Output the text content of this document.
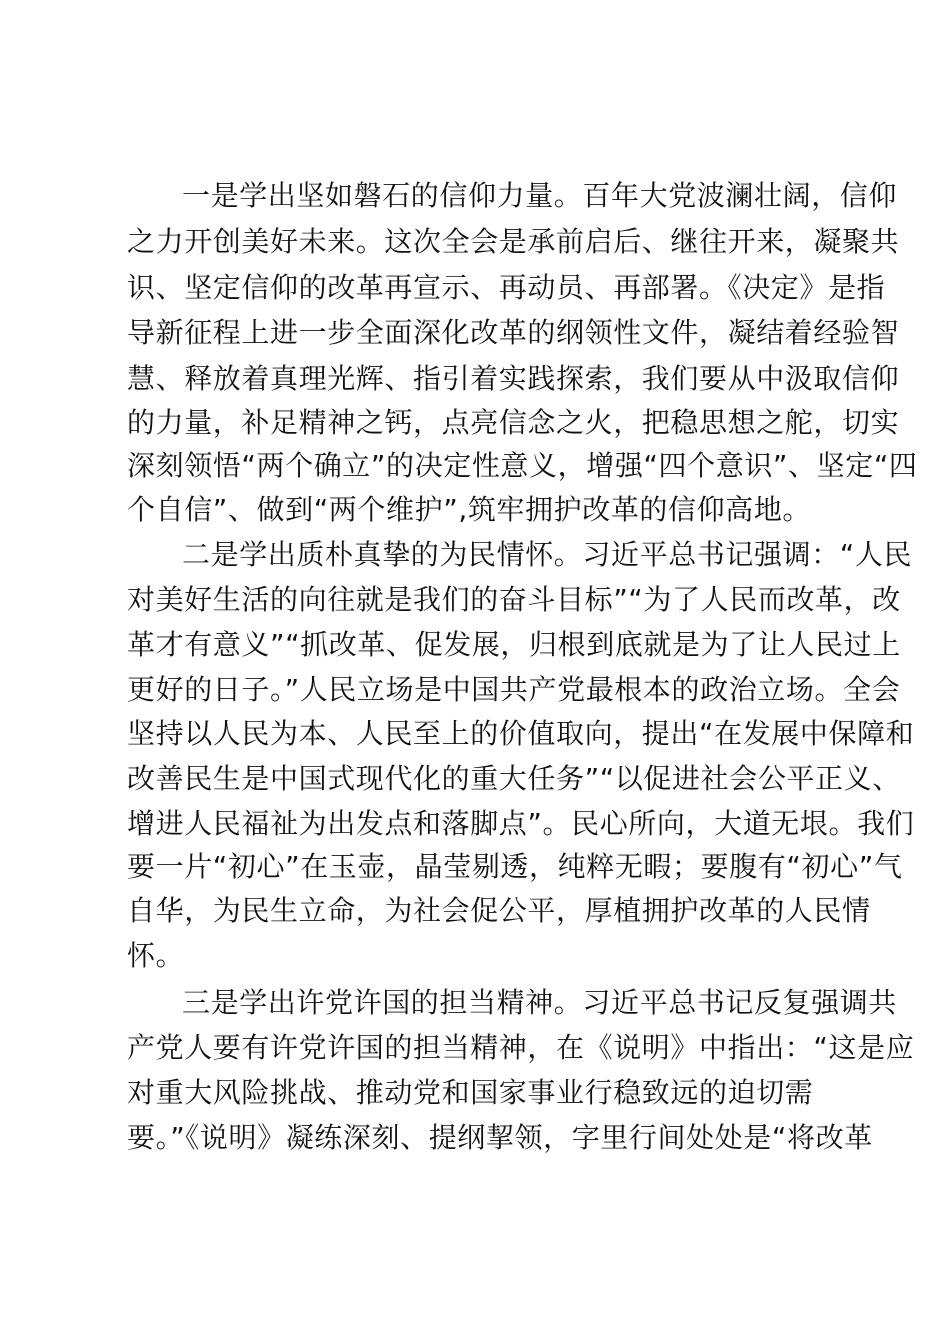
一是学出坚如磐石的信仰力量。百年大党波澜壮阔，信仰
之力开创美好未来。这次全会是承前启后、继往开来，凝聚共
识、坚定信仰的改革再宣示、再动员、再部署。《决定》是指
导新征程上进一步全面深化改革的纲领性文件，凝结着经验智
慧、释放着真理光辉、指引着实践探索，我们要从中汲取信仰
的力量，补足精神之钙，点亮信念之火，把稳思想之舵，切实
深刻领悟“两个确立”的决定性意义，增强“四个意识”、坚定“四
个自信”、做到“两个维护”,筑牢拥护改革的信仰高地。
二是学出质朴真挚的为民情怀。习近平总书记强调：“人民
对美好生活的向往就是我们的奋斗目标”“为了人民而改革，改
革才有意义”“抓改革、促发展，归根到底就是为了让人民过上
更好的日子。”人民立场是中国共产党最根本的政治立场。全会
坚持以人民为本、人民至上的价值取向，提出“在发展中保障和
改善民生是中国式现代化的重大任务”“以促进社会公平正义、
增进人民福祉为出发点和落脚点”。民心所向，大道无垠。我们
要一片“初心”在玉壶，晶莹剔透，纯粹无暇；要腹有“初心”气
自华，为民生立命，为社会促公平，厚植拥护改革的人民情
怀。
三是学出许党许国的担当精神。习近平总书记反复强调共
产党人要有许党许国的担当精神，在《说明》中指出：“这是应
对重大风险挑战、推动党和国家事业行稳致远的迫切需
要。”《说明》凝练深刻、提纲挈领，字里行间处处是“将改革
